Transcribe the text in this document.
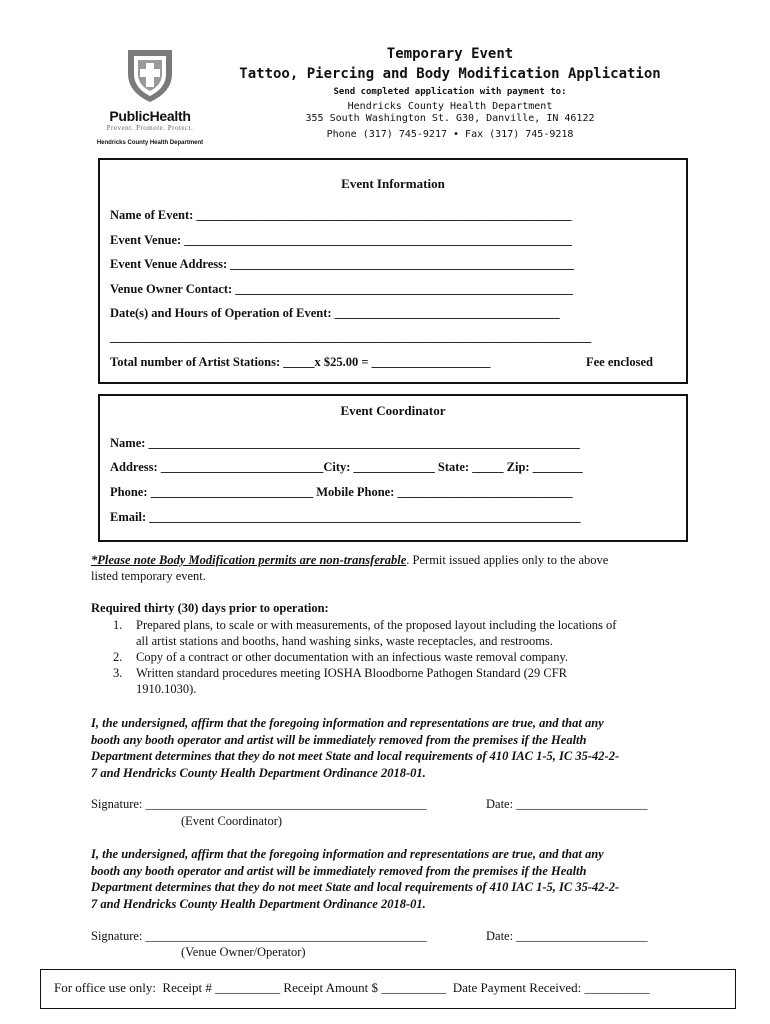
PublicHealth
Prevent. Promote. Protect.
Hendricks County Health Department
Temporary Event
Tattoo, Piercing and Body Modification Application
Send completed application with payment to:
Hendricks County Health Department
355 South Washington St. G30, Danville, IN 46122
Phone (317) 745-9217 • Fax (317) 745-9218
Event Information
Name of Event: ____________________________________________________________
Event Venue: ______________________________________________________________
Event Venue Address: _______________________________________________________
Venue Owner Contact: ______________________________________________________
Date(s) and Hours of Operation of Event: ____________________________________
_____________________________________________________________________________
Total number of Artist Stations: _____x $25.00 = ___________________	Fee enclosed
Event Coordinator
Name: _____________________________________________________________________
Address: __________________________City: _____________ State: _____ Zip: ________
Phone: __________________________ Mobile Phone: ____________________________
Email: _____________________________________________________________________
*Please note Body Modification permits are non-transferable. Permit issued applies only to the above
listed temporary event.
Required thirty (30) days prior to operation:
1. Prepared plans, to scale or with measurements, of the proposed layout including the locations of
all artist stations and booths, hand washing sinks, waste receptacles, and restrooms.
2. Copy of a contract or other documentation with an infectious waste removal company.
3. Written standard procedures meeting IOSHA Bloodborne Pathogen Standard (29 CFR
1910.1030).
I, the undersigned, affirm that the foregoing information and representations are true, and that any
booth any booth operator and artist will be immediately removed from the premises if the Health
Department determines that they do not meet State and local requirements of 410 IAC 1-5, IC 35-42-2-
7 and Hendricks County Health Department Ordinance 2018-01.
Signature: _____________________________________________	Date: _____________________
(Event Coordinator)
I, the undersigned, affirm that the foregoing information and representations are true, and that any
booth any booth operator and artist will be immediately removed from the premises if the Health
Department determines that they do not meet State and local requirements of 410 IAC 1-5, IC 35-42-2-
7 and Hendricks County Health Department Ordinance 2018-01.
Signature: _____________________________________________	Date: _____________________
(Venue Owner/Operator)
For office use only:  Receipt # __________ Receipt Amount $ __________  Date Payment Received: __________
